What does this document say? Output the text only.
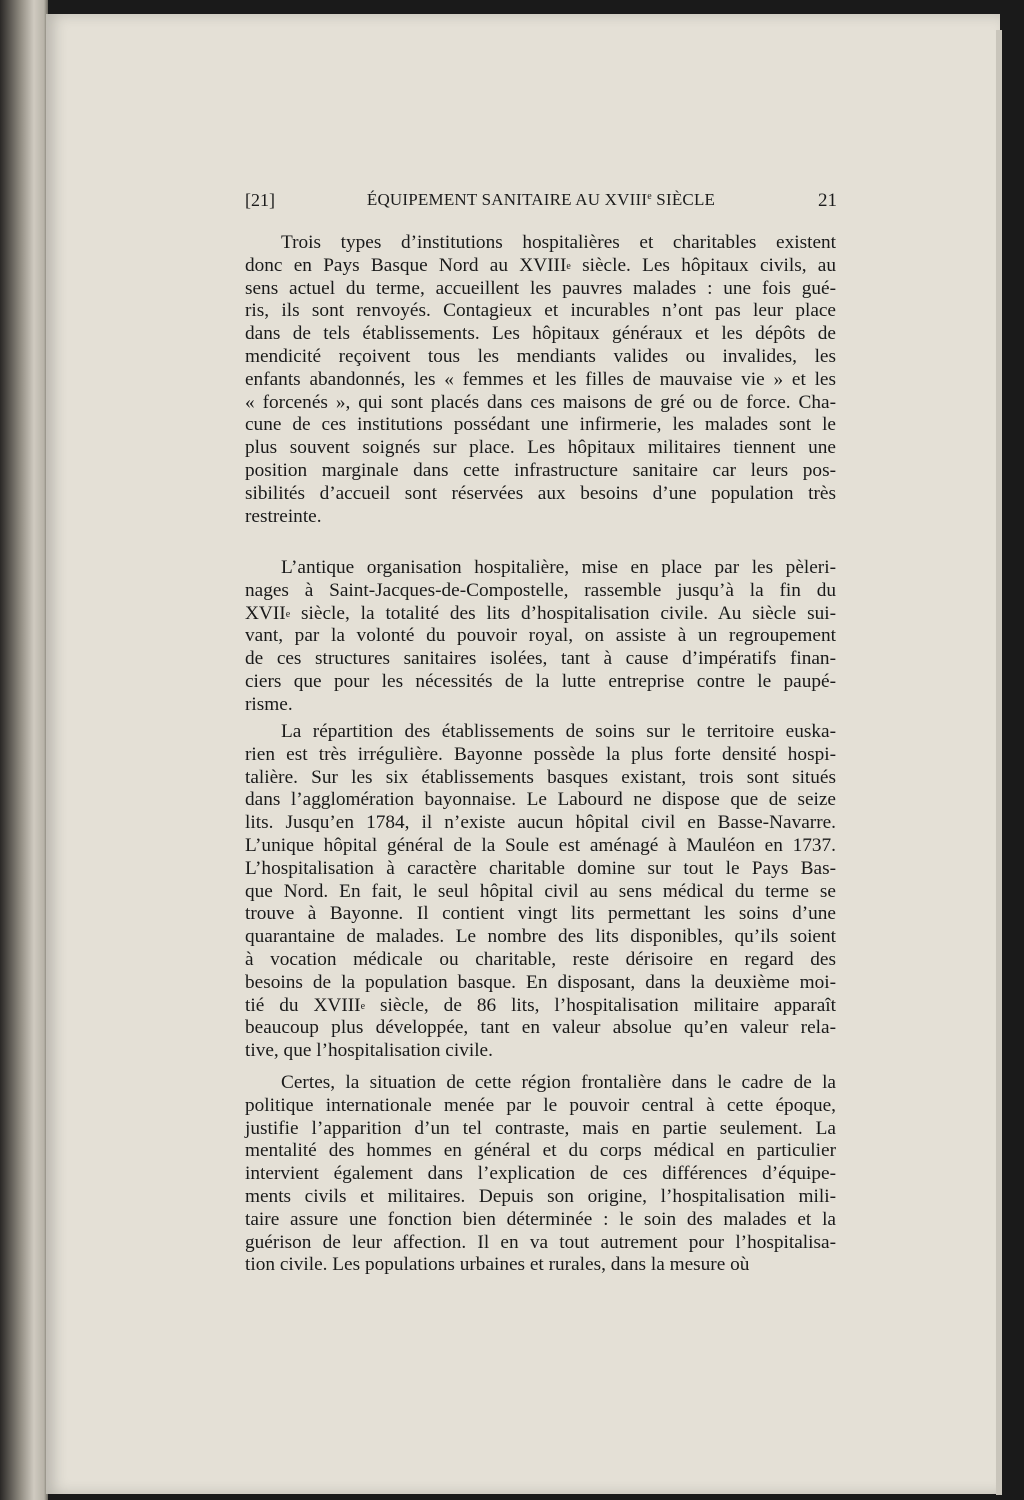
[21]	ÉQUIPEMENT SANITAIRE AU XVIIIe SIÈCLE	21
Trois types d’institutions hospitalières et charitables existent
donc en Pays Basque Nord au XVIIIe siècle. Les hôpitaux civils, au
sens actuel du terme, accueillent les pauvres malades : une fois gué-
ris, ils sont renvoyés. Contagieux et incurables n’ont pas leur place
dans de tels établissements. Les hôpitaux généraux et les dépôts de
mendicité reçoivent tous les mendiants valides ou invalides, les
enfants abandonnés, les « femmes et les filles de mauvaise vie » et les
« forcenés », qui sont placés dans ces maisons de gré ou de force. Cha-
cune de ces institutions possédant une infirmerie, les malades sont le
plus souvent soignés sur place. Les hôpitaux militaires tiennent une
position marginale dans cette infrastructure sanitaire car leurs pos-
sibilités d’accueil sont réservées aux besoins d’une population très
restreinte.
L’antique organisation hospitalière, mise en place par les pèleri-
nages à Saint-Jacques-de-Compostelle, rassemble jusqu’à la fin du
XVIIe siècle, la totalité des lits d’hospitalisation civile. Au siècle sui-
vant, par la volonté du pouvoir royal, on assiste à un regroupement
de ces structures sanitaires isolées, tant à cause d’impératifs finan-
ciers que pour les nécessités de la lutte entreprise contre le paupé-
risme.
La répartition des établissements de soins sur le territoire euska-
rien est très irrégulière. Bayonne possède la plus forte densité hospi-
talière. Sur les six établissements basques existant, trois sont situés
dans l’agglomération bayonnaise. Le Labourd ne dispose que de seize
lits. Jusqu’en 1784, il n’existe aucun hôpital civil en Basse-Navarre.
L’unique hôpital général de la Soule est aménagé à Mauléon en 1737.
L’hospitalisation à caractère charitable domine sur tout le Pays Bas-
que Nord. En fait, le seul hôpital civil au sens médical du terme se
trouve à Bayonne. Il contient vingt lits permettant les soins d’une
quarantaine de malades. Le nombre des lits disponibles, qu’ils soient
à vocation médicale ou charitable, reste dérisoire en regard des
besoins de la population basque. En disposant, dans la deuxième moi-
tié du XVIIIe siècle, de 86 lits, l’hospitalisation militaire apparaît
beaucoup plus développée, tant en valeur absolue qu’en valeur rela-
tive, que l’hospitalisation civile.
Certes, la situation de cette région frontalière dans le cadre de la
politique internationale menée par le pouvoir central à cette époque,
justifie l’apparition d’un tel contraste, mais en partie seulement. La
mentalité des hommes en général et du corps médical en particulier
intervient également dans l’explication de ces différences d’équipe-
ments civils et militaires. Depuis son origine, l’hospitalisation mili-
taire assure une fonction bien déterminée : le soin des malades et la
guérison de leur affection. Il en va tout autrement pour l’hospitalisa-
tion civile. Les populations urbaines et rurales, dans la mesure où
